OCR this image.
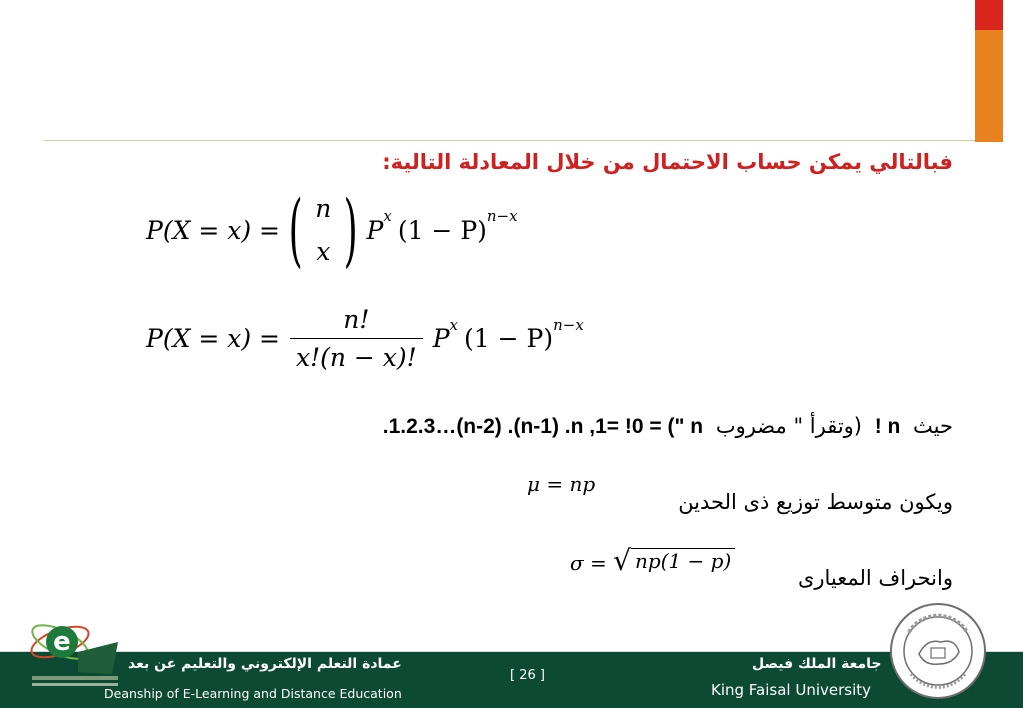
فبالتالي يمكن حساب الاحتمال من خلال المعادلة التالية:
P(X = x) = ( n
x ) P x (1 − P) n−x
$P(X = x) = \frac{n!}{x!(n - x)!}$ P x (1 − P) n−x
حيث n ! (وتقرأ " مضروب n ") = 1.2.3…(n-2) .(n-1) .n ,1= !0.
μ = np
ويكون متوسط توزيع ذى الحدين
σ = √ np(1 − p)
وانحراف المعيارى
e
عمادة التعلم الإلكتروني والتعليم عن بعد
Deanship of E-Learning and Distance Education
[ 26 ]
جامعة الملك فيصل
King Faisal University
